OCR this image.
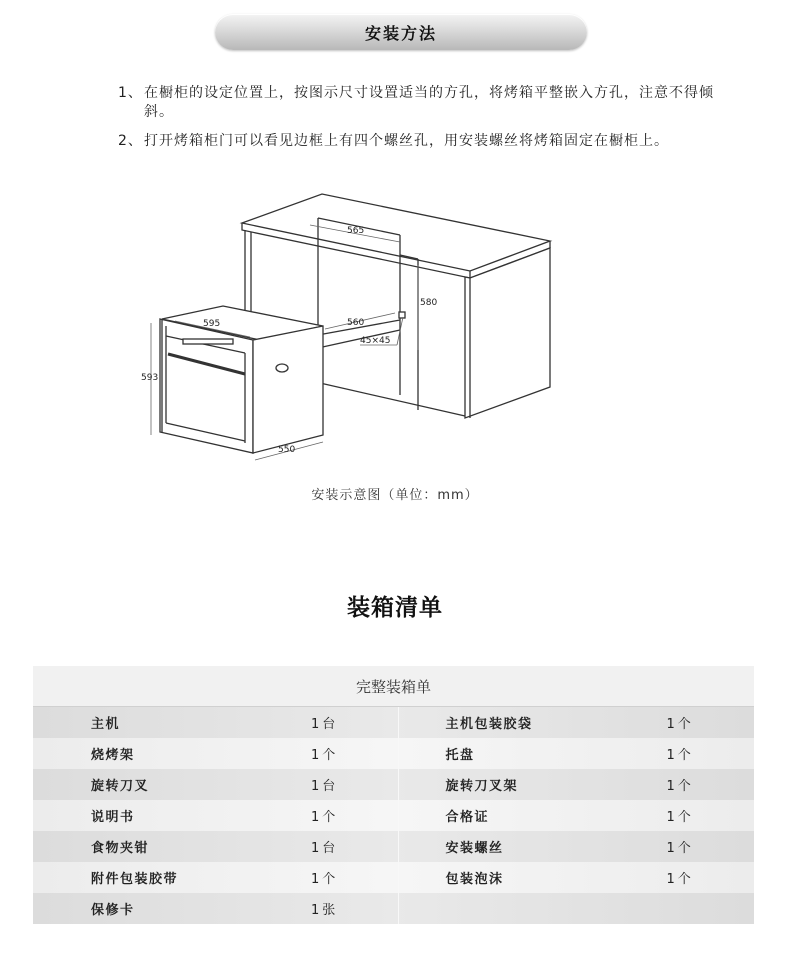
安装方法
1、 在橱柜的设定位置上，按图示尺寸设置适当的方孔，将烤箱平整嵌入方孔，注意不得倾斜。
2、 打开烤箱柜门可以看见边框上有四个螺丝孔，用安装螺丝将烤箱固定在橱柜上。
565
580
560
45×45
595
593
550
安装示意图（单位：mm）
装箱清单
完整装箱单
主机	1台	主机包装胶袋	1个
烧烤架	1个	托盘	1个
旋转刀叉	1台	旋转刀叉架	1个
说明书	1个	合格证	1个
食物夹钳	1台	安装螺丝	1个
附件包装胶带	1个	包装泡沫	1个
保修卡	1张
